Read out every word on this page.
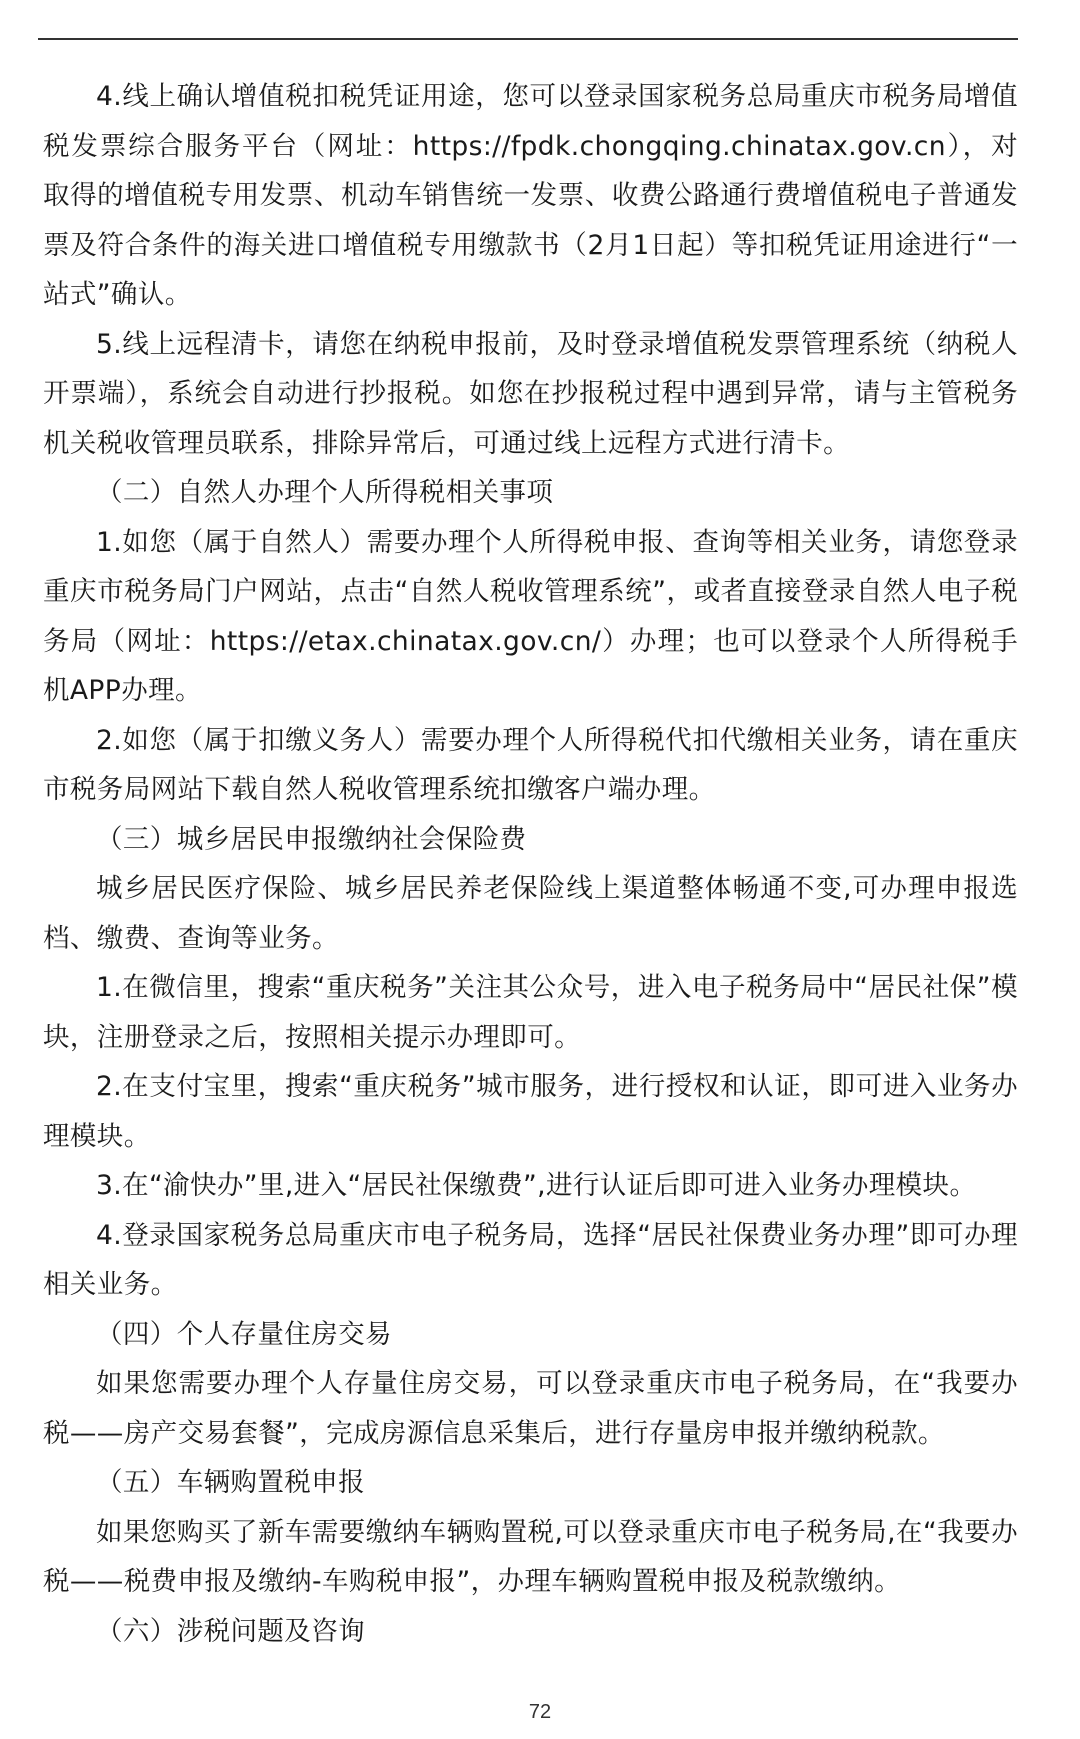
4.线上确认增值税扣税凭证用途，您可以登录国家税务总局重庆市税务局增值税发票综合服务平台（网址：https://fpdk.chongqing.chinatax.gov.cn），对取得的增值税专用发票、机动车销售统一发票、收费公路通行费增值税电子普通发票及符合条件的海关进口增值税专用缴款书（2月1日起）等扣税凭证用途进行“一站式”确认。

5.线上远程清卡，请您在纳税申报前，及时登录增值税发票管理系统（纳税人开票端），系统会自动进行抄报税。如您在抄报税过程中遇到异常，请与主管税务机关税收管理员联系，排除异常后，可通过线上远程方式进行清卡。

（二）自然人办理个人所得税相关事项

1.如您（属于自然人）需要办理个人所得税申报、查询等相关业务，请您登录重庆市税务局门户网站，点击“自然人税收管理系统”，或者直接登录自然人电子税务局（网址：https://etax.chinatax.gov.cn/）办理；也可以登录个人所得税手机APP办理。

2.如您（属于扣缴义务人）需要办理个人所得税代扣代缴相关业务，请在重庆市税务局网站下载自然人税收管理系统扣缴客户端办理。

（三）城乡居民申报缴纳社会保险费

城乡居民医疗保险、城乡居民养老保险线上渠道整体畅通不变,可办理申报选档、缴费、查询等业务。

1.在微信里，搜索“重庆税务”关注其公众号，进入电子税务局中“居民社保”模块，注册登录之后，按照相关提示办理即可。

2.在支付宝里，搜索“重庆税务”城市服务，进行授权和认证，即可进入业务办理模块。

3.在“渝快办”里,进入“居民社保缴费”,进行认证后即可进入业务办理模块。

4.登录国家税务总局重庆市电子税务局，选择“居民社保费业务办理”即可办理相关业务。

（四）个人存量住房交易

如果您需要办理个人存量住房交易，可以登录重庆市电子税务局，在“我要办税——房产交易套餐”，完成房源信息采集后，进行存量房申报并缴纳税款。

（五）车辆购置税申报

如果您购买了新车需要缴纳车辆购置税,可以登录重庆市电子税务局,在“我要办税——税费申报及缴纳-车购税申报”，办理车辆购置税申报及税款缴纳。

（六）涉税问题及咨询

72
